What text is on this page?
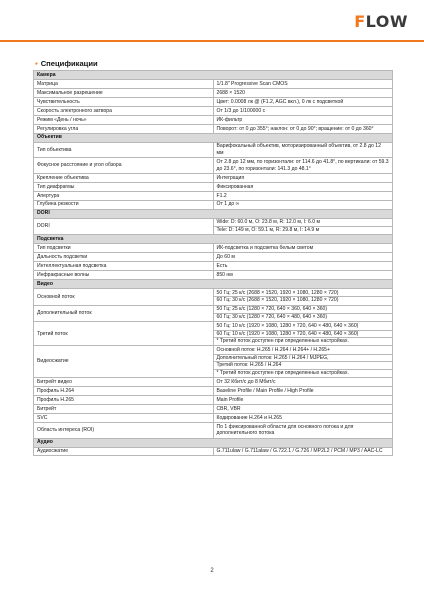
FLOW
▪ Спецификации
Камера	
Матрица	1/1.8" Progressive Scan CMOS

Максимальное разрешение	2688 × 1520

Чувствительность	Цвет: 0.0008 лк @ (F1.2, AGC вкл.), 0 лк с подсветкой

Скорость электронного затвора	От 1/3 до 1/100000 с

Режим «День / ночь»	ИК-фильтр

Регулировка угла	Поворот: от 0 до 355°; наклон: от 0 до 90°; вращение: от 0 до 360°

Объектив	
Тип объектива	Варифокальный объектив, моторизированный объектив, от 2.8 до 12 мм

Фокусное расстояние и угол обзора	От 2.8 до 12 мм, по горизонтали: от 114.6 до 41.8°, по вертикали: от 59.3 до 23.6°, по горизонтали: 141.3 до 48.1°

Крепление объектива	Интеграция

Тип диафрагмы	Фиксированная

Апертура	F1.2

Глубина резкости	От 1 до ∞

DORI	
DORI	Wide: D: 60.0 м, O: 23.8 м, R: 12.0 м, I: 6.0 м
Tele: D: 149 м, O: 59.1 м, R: 29.8 м, I: 14.9 м

Подсветка	
Тип подсветки	ИК-подсветка и подсветка белым светом

Дальность подсветки	До 60 м

Интеллектуальная подсветка	Есть

Инфракрасные волны	850 нм

Видео	
Основной поток	50 Гц: 25 к/с (2688 × 1520, 1920 × 1080, 1280 × 720)
60 Гц: 30 к/с (2688 × 1520, 1920 × 1080, 1280 × 720)

Дополнительный поток	50 Гц: 25 к/с (1280 × 720, 640 × 360, 640 × 360)
60 Гц: 30 к/с (1280 × 720, 640 × 480, 640 × 360)

Третий поток	50 Гц: 10 к/с (1920 × 1080, 1280 × 720, 640 × 480, 640 × 360)
60 Гц: 10 к/с (1920 × 1080, 1280 × 720, 640 × 480, 640 × 360)
* Третий поток доступен при определенных настройках.

Видеосжатие	Основной поток: H.265 / H.264 / H.264+ / H.265+
Дополнительный поток: H.265 / H.264 / MJPEG,
Третий поток: H.265 / H.264
* Третий поток доступен при определенных настройках.

Битрейт видео	От 32 Кбит/с до 8 Мбит/с

Профиль H.264	Baseline Profile / Main Profile / High Profile

Профиль H.265	Main Profile

Битрейт	CBR, VBR

SVC	Кодирование H.264 и H.265

Область интереса (ROI)	По 1 фиксированной области для основного потока и для дополнительного потока

Аудио	
Аудиосжатие	G.711ulaw / G.711alaw / G.722.1 / G.726 / MP2L2 / PCM / MP3 / AAC-LC
2
